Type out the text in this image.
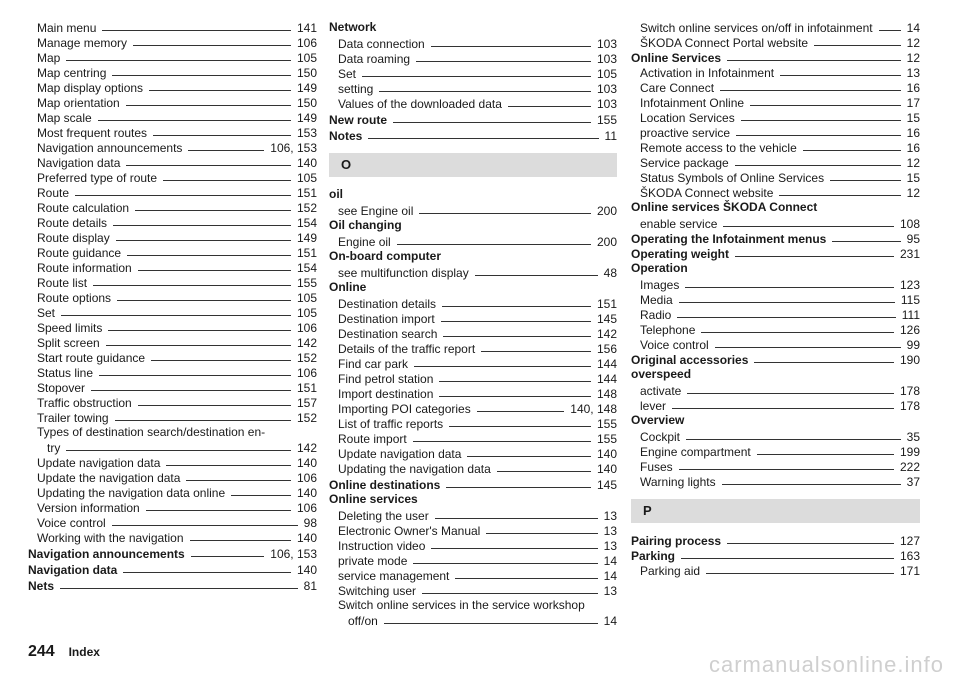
Main menu	141
Manage memory	106
Map	105
Map centring	150
Map display options	149
Map orientation	150
Map scale	149
Most frequent routes	153
Navigation announcements	106, 153
Navigation data	140
Preferred type of route	105
Route	151
Route calculation	152
Route details	154
Route display	149
Route guidance	151
Route information	154
Route list	155
Route options	105
Set	105
Speed limits	106
Split screen	142
Start route guidance	152
Status line	106
Stopover	151
Traffic obstruction	157
Trailer towing	152
Types of destination search/destination en-
try	142
Update navigation data	140
Update the navigation data	106
Updating the navigation data online	140
Version information	106
Voice control	98
Working with the navigation	140
Navigation announcements	106, 153
Navigation data	140
Nets	81
Network
Data connection	103
Data roaming	103
Set	105
setting	103
Values of the downloaded data	103
New route	155
Notes	11
O
oil
see Engine oil	200
Oil changing
Engine oil	200
On-board computer
see multifunction display	48
Online
Destination details	151
Destination import	145
Destination search	142
Details of the traffic report	156
Find car park	144
Find petrol station	144
Import destination	148
Importing POI categories	140, 148
List of traffic reports	155
Route import	155
Update navigation data	140
Updating the navigation data	140
Online destinations	145
Online services
Deleting the user	13
Electronic Owner's Manual	13
Instruction video	13
private mode	14
service management	14
Switching user	13
Switch online services in the service workshop
off/on	14
Switch online services on/off in infotainment	14
ŠKODA Connect Portal website	12
Online Services	12
Activation in Infotainment	13
Care Connect	16
Infotainment Online	17
Location Services	15
proactive service	16
Remote access to the vehicle	16
Service package	12
Status Symbols of Online Services	15
ŠKODA Connect website	12
Online services ŠKODA Connect
enable service	108
Operating the Infotainment menus	95
Operating weight	231
Operation
Images	123
Media	115
Radio	111
Telephone	126
Voice control	99
Original accessories	190
overspeed
activate	178
lever	178
Overview
Cockpit	35
Engine compartment	199
Fuses	222
Warning lights	37
P
Pairing process	127
Parking	163
Parking aid	171
244 Index	carmanualsonline.info
